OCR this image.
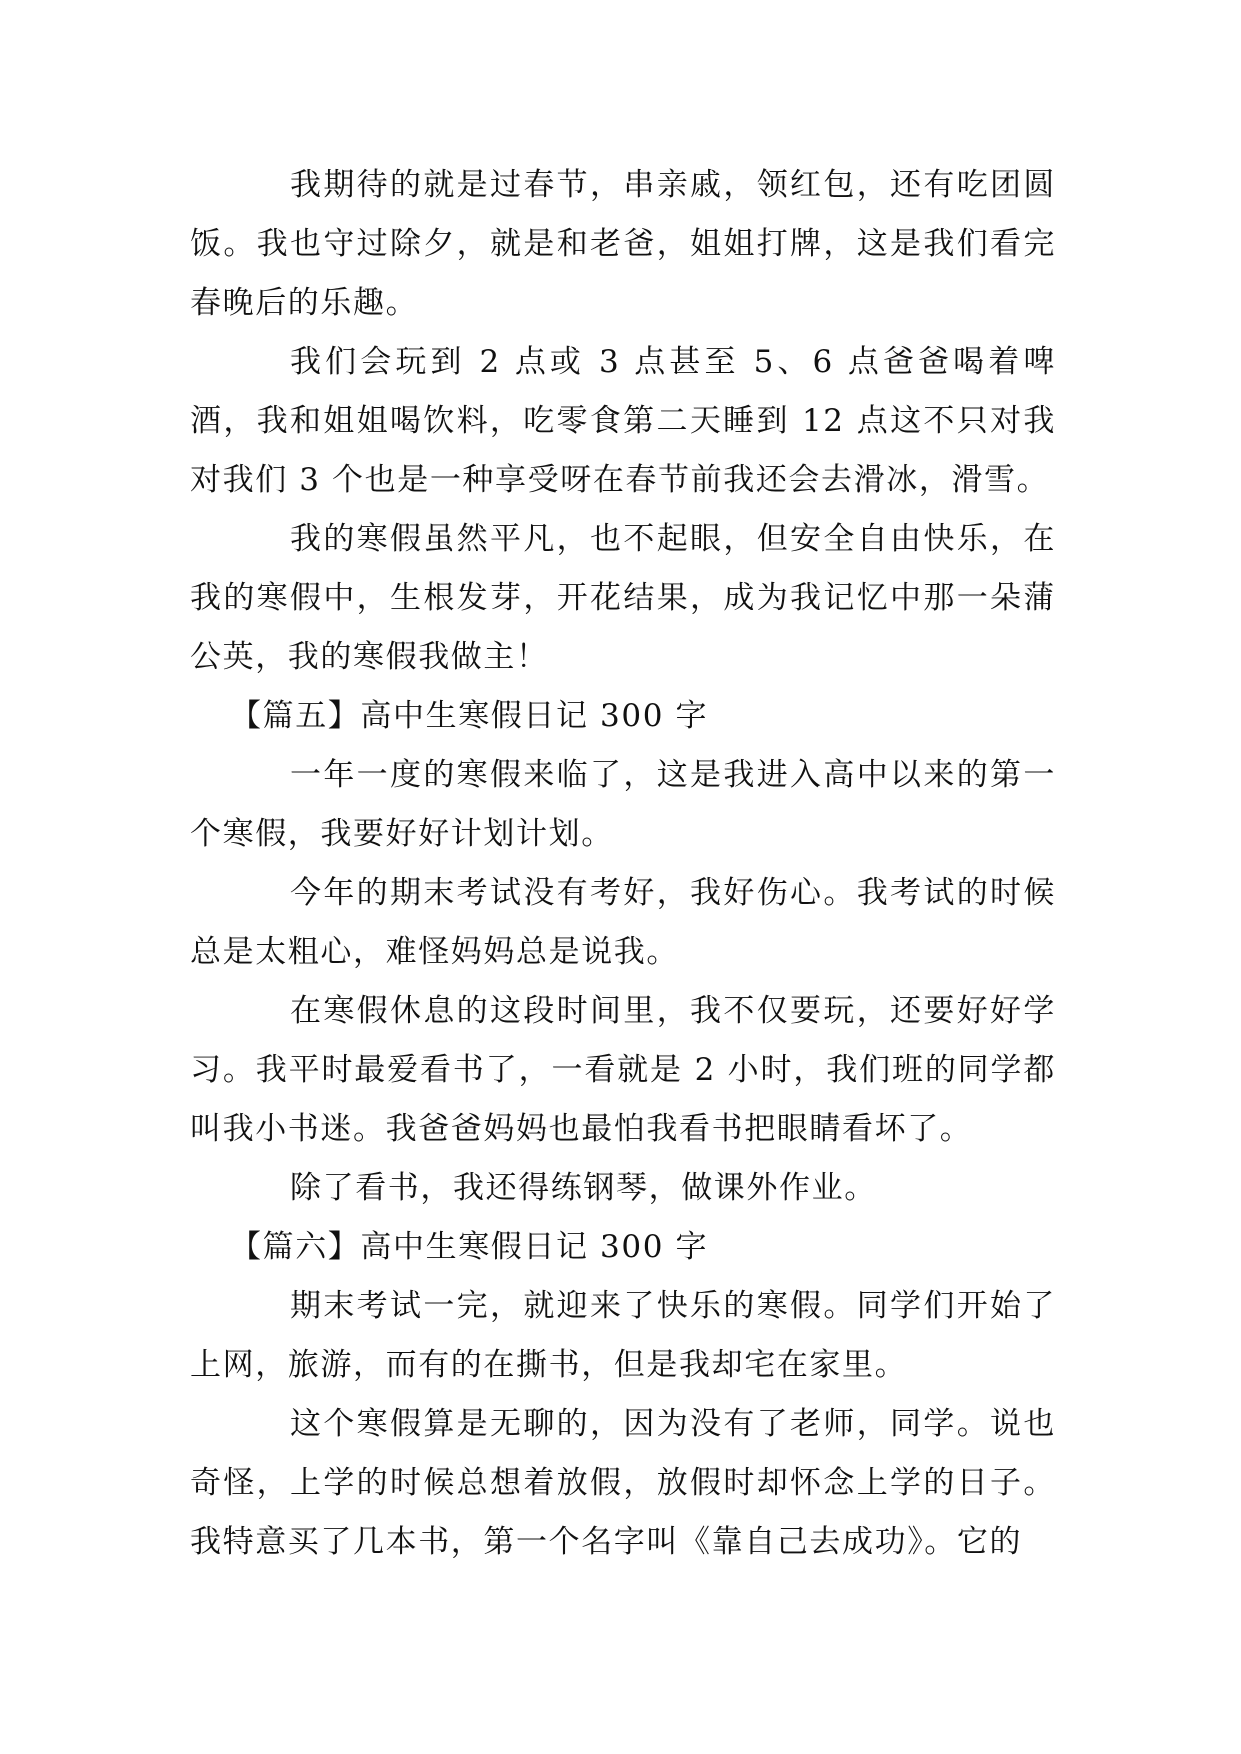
我期待的就是过春节，串亲戚，领红包，还有吃团圆饭。我也守过除夕，就是和老爸，姐姐打牌，这是我们看完春晚后的乐趣。

我们会玩到 2 点或 3 点甚至 5、6 点爸爸喝着啤酒，我和姐姐喝饮料，吃零食第二天睡到 12 点这不只对我对我们 3 个也是一种享受呀在春节前我还会去滑冰，滑雪。

我的寒假虽然平凡，也不起眼，但安全自由快乐，在我的寒假中，生根发芽，开花结果，成为我记忆中那一朵蒲公英，我的寒假我做主！

【篇五】高中生寒假日记 300 字

一年一度的寒假来临了，这是我进入高中以来的第一个寒假，我要好好计划计划。

今年的期末考试没有考好，我好伤心。我考试的时候总是太粗心，难怪妈妈总是说我。

在寒假休息的这段时间里，我不仅要玩，还要好好学习。我平时最爱看书了，一看就是 2 小时，我们班的同学都叫我小书迷。我爸爸妈妈也最怕我看书把眼睛看坏了。

除了看书，我还得练钢琴，做课外作业。

【篇六】高中生寒假日记 300 字

期末考试一完，就迎来了快乐的寒假。同学们开始了上网，旅游，而有的在撕书，但是我却宅在家里。

这个寒假算是无聊的，因为没有了老师，同学。说也奇怪，上学的时候总想着放假，放假时却怀念上学的日子。我特意买了几本书，第一个名字叫《靠自己去成功》。它的
